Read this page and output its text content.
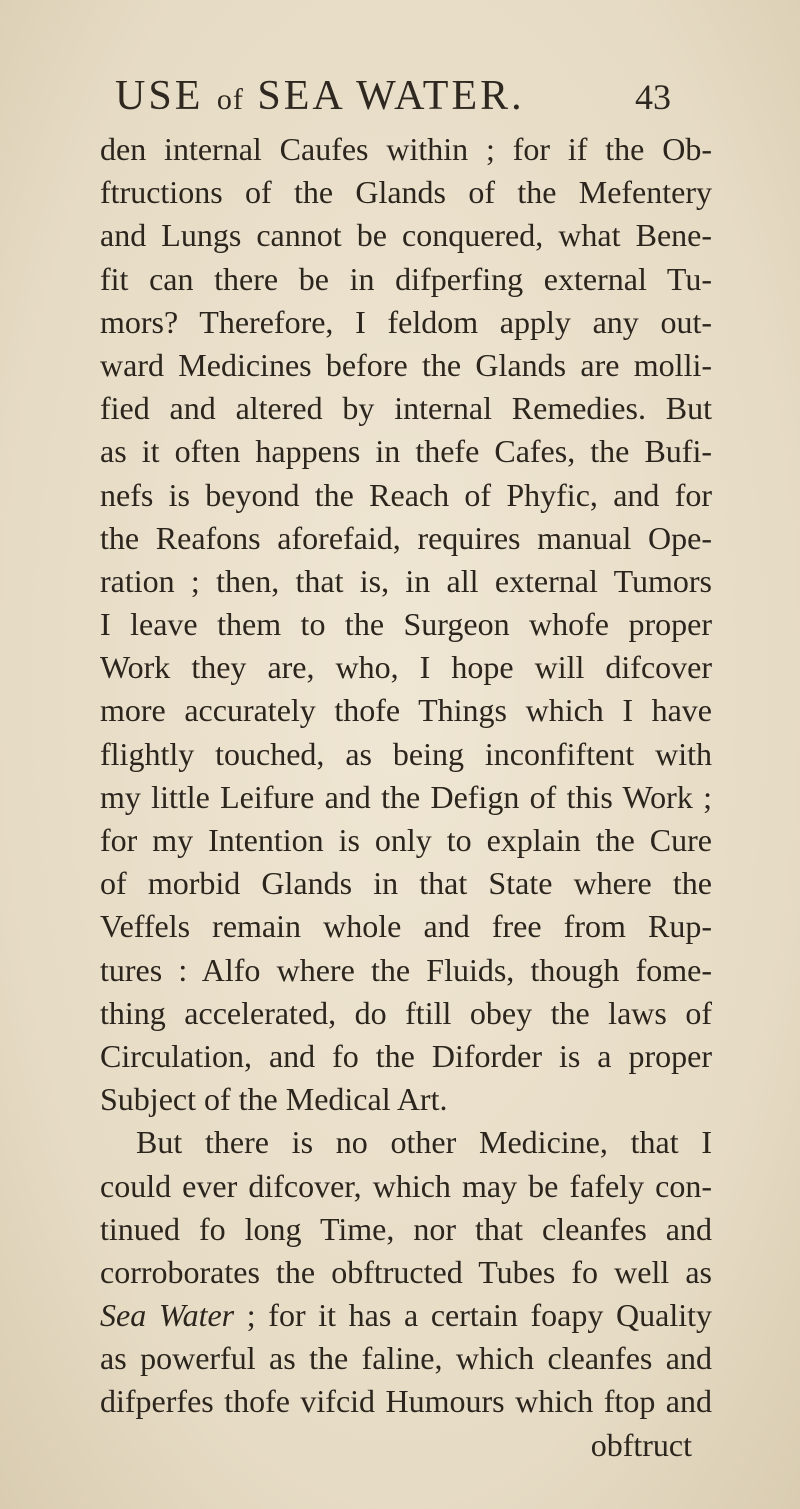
USE of SEA WATER.	43
den internal Caufes within ; for if the Ob-
ftructions of the Glands of the Mefentery
and Lungs cannot be conquered, what Bene-
fit can there be in difperfing external Tu-
mors? Therefore, I feldom apply any out-
ward Medicines before the Glands are molli-
fied and altered by internal Remedies. But
as it often happens in thefe Cafes, the Bufi-
nefs is beyond the Reach of Phyfic, and for
the Reafons aforefaid, requires manual Ope-
ration ; then, that is, in all external Tumors
I leave them to the Surgeon whofe proper
Work they are, who, I hope will difcover
more accurately thofe Things which I have
flightly touched, as being inconfiftent with
my little Leifure and the Defign of this Work ;
for my Intention is only to explain the Cure
of morbid Glands in that State where the
Veffels remain whole and free from Rup-
tures : Alfo where the Fluids, though fome-
thing accelerated, do ftill obey the laws of
Circulation, and fo the Diforder is a proper
Subject of the Medical Art.
But there is no other Medicine, that I
could ever difcover, which may be fafely con-
tinued fo long Time, nor that cleanfes and
corroborates the obftructed Tubes fo well as
Sea Water ; for it has a certain foapy Quality
as powerful as the faline, which cleanfes and
difperfes thofe vifcid Humours which ftop and
obftruct
